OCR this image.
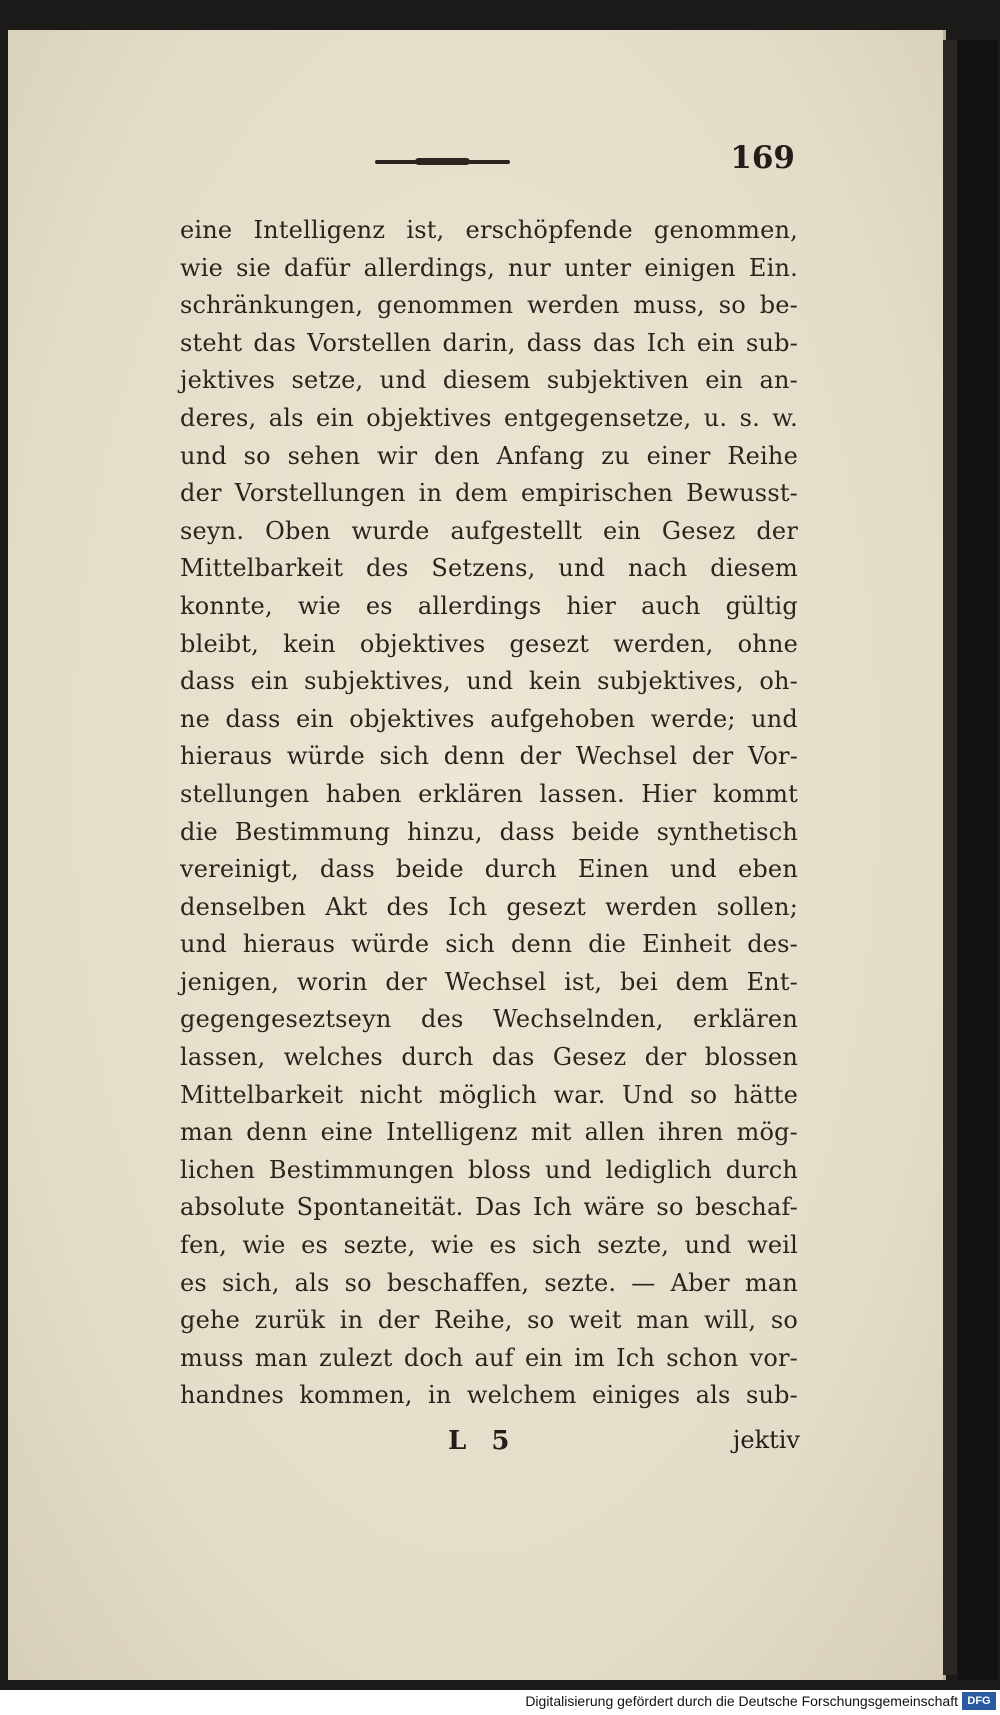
169
eine Intelligenz ist, erschöpfende genommen,
wie sie dafür allerdings, nur unter einigen Ein.
schränkungen, genommen werden muss, so be-
steht das Vorstellen darin, dass das Ich ein sub-
jektives setze, und diesem subjektiven ein an-
deres, als ein objektives entgegensetze, u. s. w.
und so sehen wir den Anfang zu einer Reihe
der Vorstellungen in dem empirischen Bewusst-
seyn. Oben wurde aufgestellt ein Gesez der
Mittelbarkeit des Setzens, und nach diesem
konnte, wie es allerdings hier auch gültig
bleibt, kein objektives gesezt werden, ohne
dass ein subjektives, und kein subjektives, oh-
ne dass ein objektives aufgehoben werde; und
hieraus würde sich denn der Wechsel der Vor-
stellungen haben erklären lassen. Hier kommt
die Bestimmung hinzu, dass beide synthetisch
vereinigt, dass beide durch Einen und eben
denselben Akt des Ich gesezt werden sollen;
und hieraus würde sich denn die Einheit des-
jenigen, worin der Wechsel ist, bei dem Ent-
gegengeseztseyn des Wechselnden, erklären
lassen, welches durch das Gesez der blossen
Mittelbarkeit nicht möglich war. Und so hätte
man denn eine Intelligenz mit allen ihren mög-
lichen Bestimmungen bloss und lediglich durch
absolute Spontaneität. Das Ich wäre so beschaf-
fen, wie es sezte, wie es sich sezte, und weil
es sich, als so beschaffen, sezte. — Aber man
gehe zurük in der Reihe, so weit man will, so
muss man zulezt doch auf ein im Ich schon vor-
handnes kommen, in welchem einiges als sub-
L 5	jektiv
Digitalisierung gefördert durch die Deutsche Forschungsgemeinschaft DFG
